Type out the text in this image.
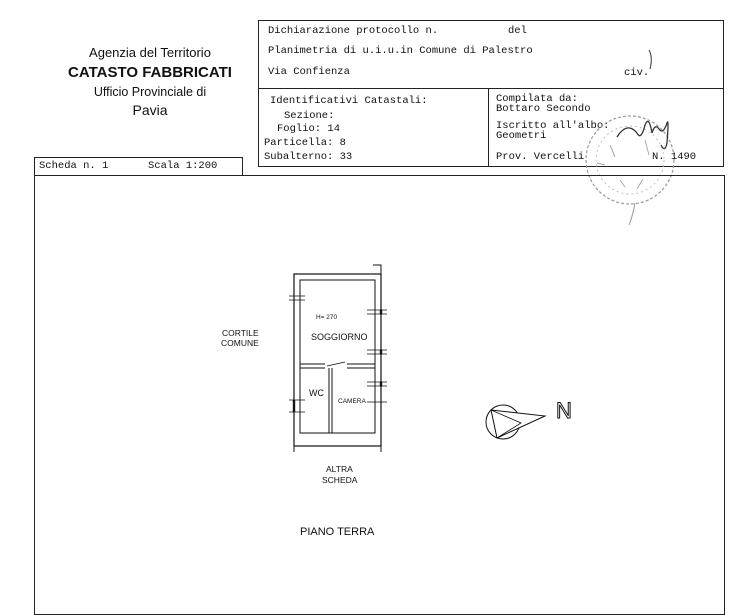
Agenzia del Territorio
CATASTO FABBRICATI
Ufficio Provinciale di
Pavia
Dichiarazione protocollo n.	del
Planimetria di u.i.u.in Comune di Palestro
Via Confienza	civ.
Identificativi Catastali:
Sezione:
Foglio: 14
Particella: 8
Subalterno: 33
Compilata da:
Bottaro Secondo
Iscritto all'albo:
Geometri
Prov. Vercelli	N. 1490
Scheda n. 1	Scala 1:200
CORTILE
COMUNE
H= 270
SOGGIORNO
WC
CAMERA
ALTRA
SCHEDA
PIANO TERRA
N
